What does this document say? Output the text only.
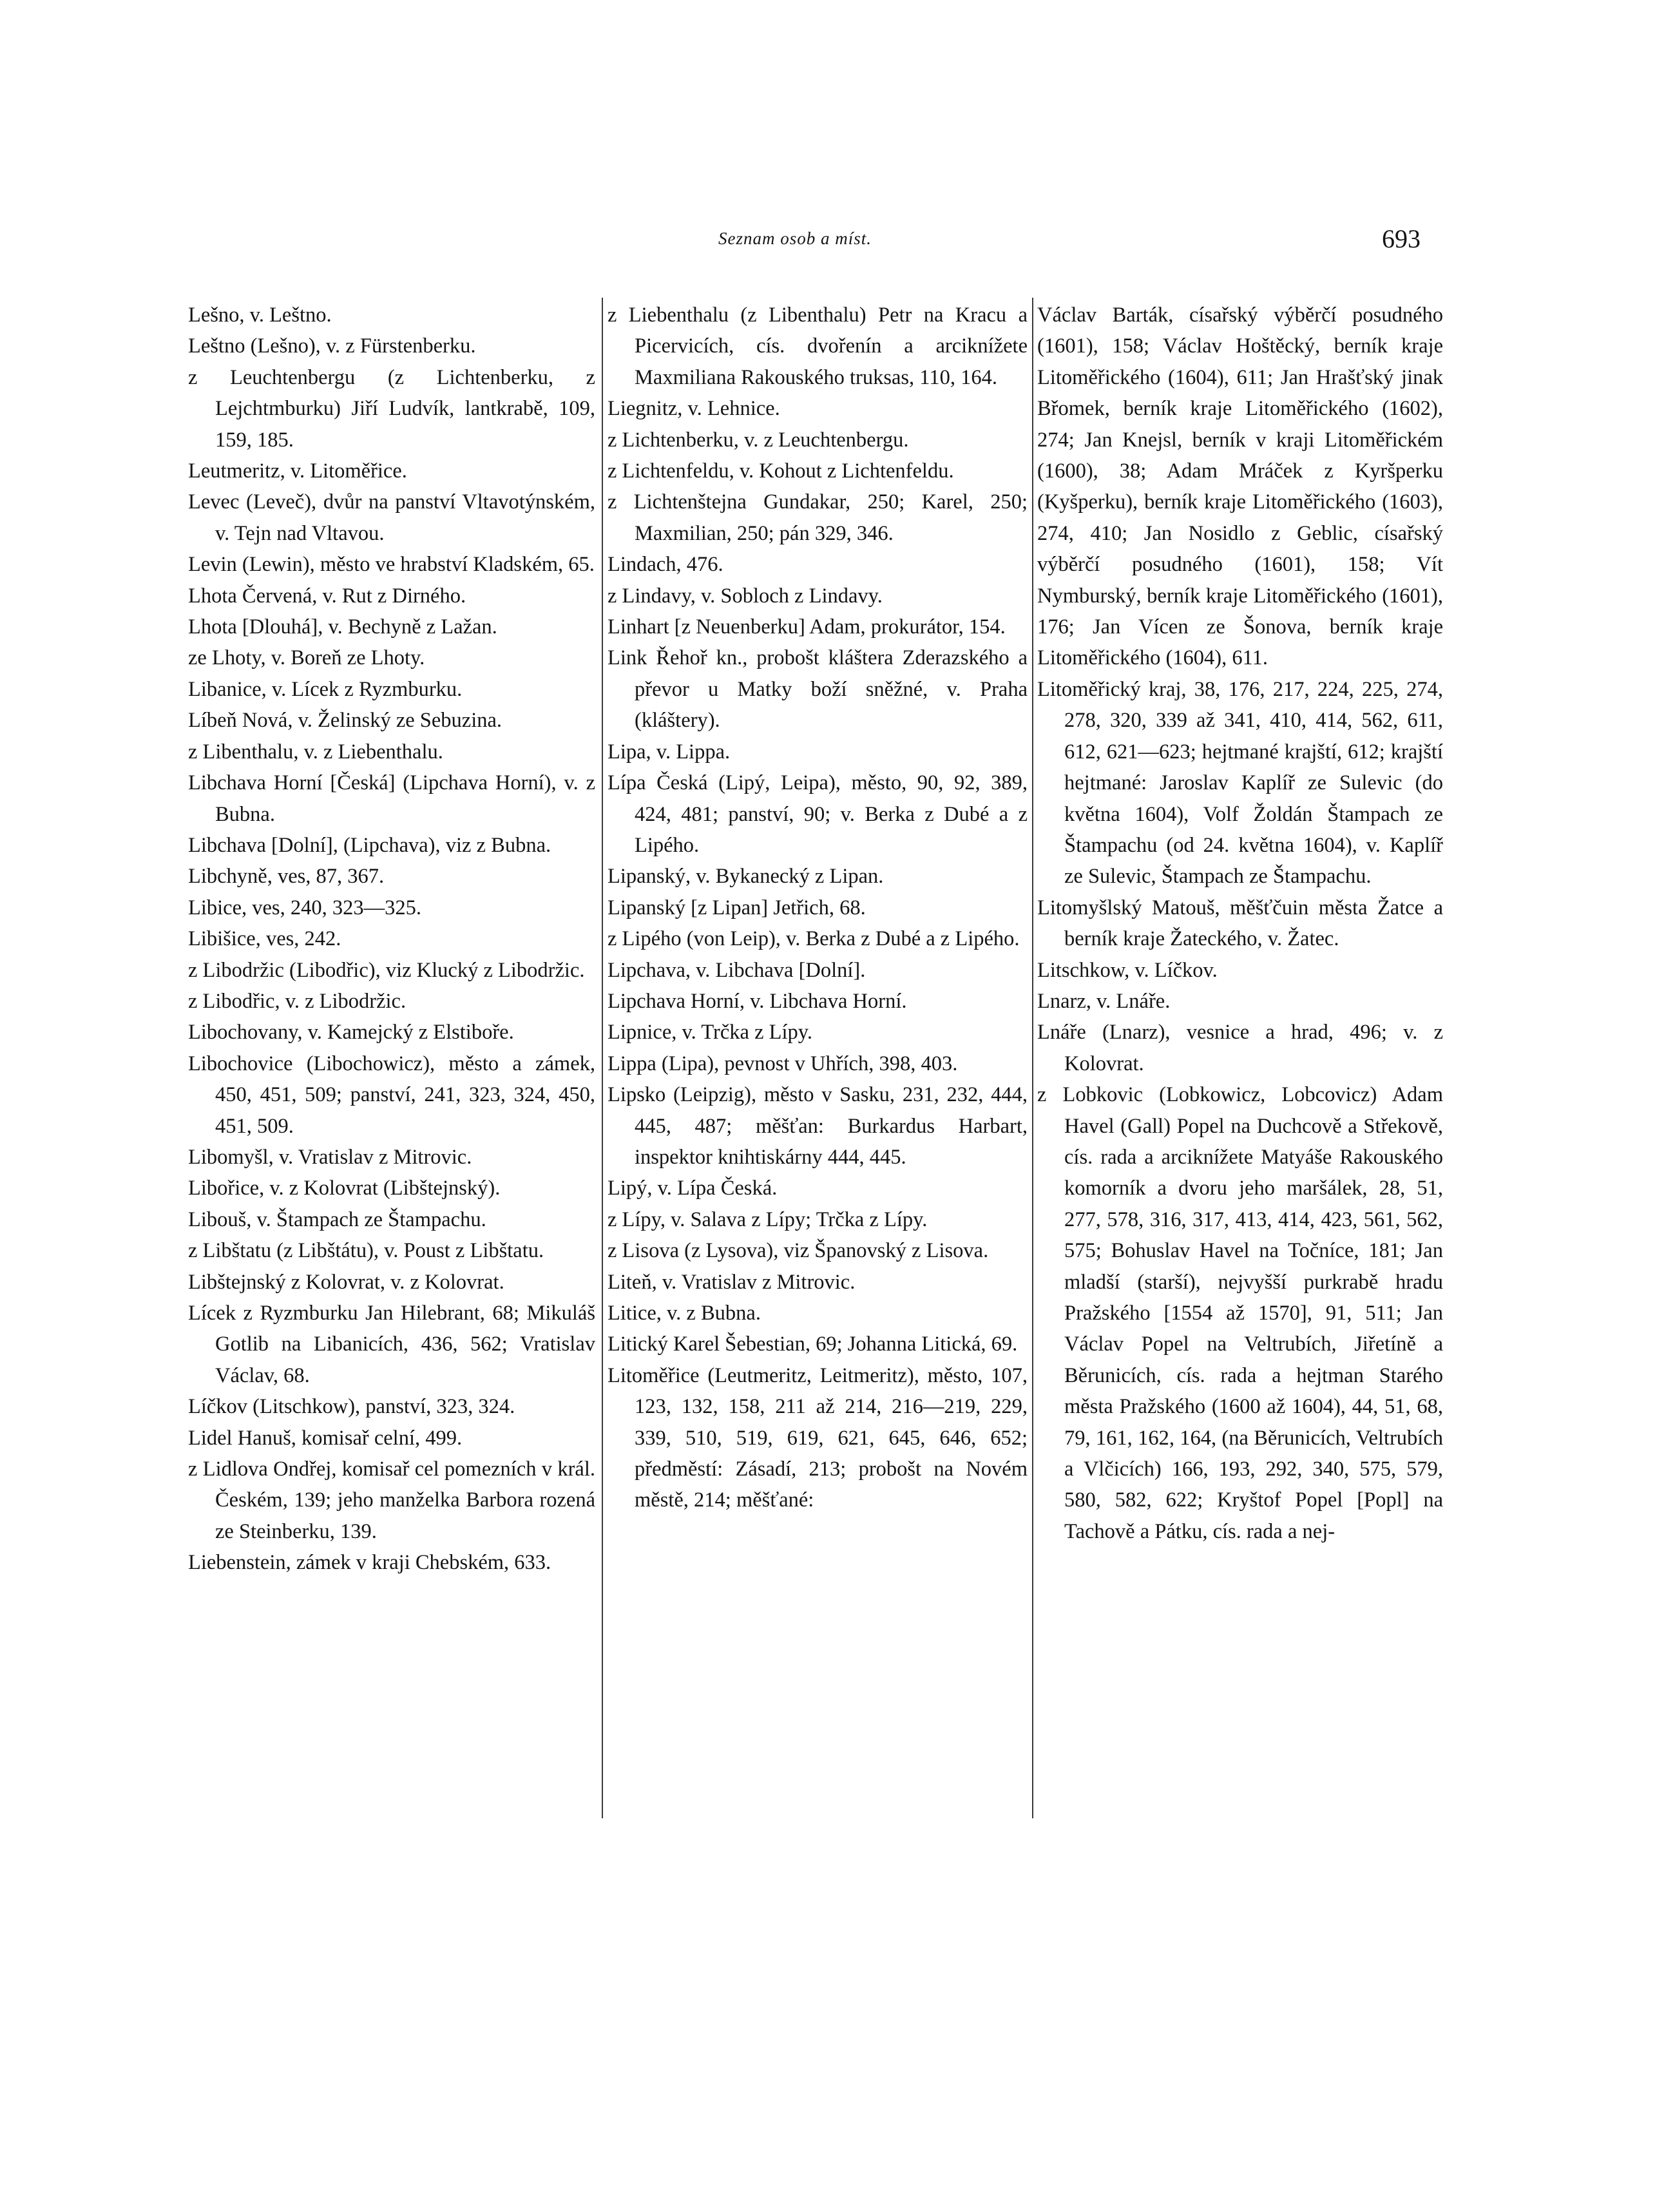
Seznam osob a míst.	693

Lešno, v. Leštno.

Leštno (Lešno), v. z Fürstenberku.

z Leuchtenbergu (z Lichtenberku, z Lejchtmburku) Jiří Ludvík, lantkrabě, 109, 159, 185.

Leutmeritz, v. Litoměřice.

Levec (Leveč), dvůr na panství Vltavotýnském, v. Tejn nad Vltavou.

Levin (Lewin), město ve hrabství Kladském, 65.

Lhota Červená, v. Rut z Dirného.

Lhota [Dlouhá], v. Bechyně z Lažan.

ze Lhoty, v. Boreň ze Lhoty.

Libanice, v. Lícek z Ryzmburku.

Líbeň Nová, v. Želinský ze Sebuzina.

z Libenthalu, v. z Liebenthalu.

Libchava Horní [Česká] (Lipchava Horní), v. z Bubna.

Libchava [Dolní], (Lipchava), viz z Bubna.

Libchyně, ves, 87, 367.

Libice, ves, 240, 323—325.

Libišice, ves, 242.

z Libodržic (Libodřic), viz Klucký z Libodržic.

z Libodřic, v. z Libodržic.

Libochovany, v. Kamejcký z Elstiboře.

Libochovice (Libochowicz), město a zámek, 450, 451, 509; panství, 241, 323, 324, 450, 451, 509.

Libomyšl, v. Vratislav z Mitrovic.

Libořice, v. z Kolovrat (Libštejnský).

Libouš, v. Štampach ze Štampachu.

z Libštatu (z Libštátu), v. Poust z Libštatu.

Libštejnský z Kolovrat, v. z Kolovrat.

Lícek z Ryzmburku Jan Hilebrant, 68; Mikuláš Gotlib na Libanicích, 436, 562; Vratislav Václav, 68.

Líčkov (Litschkow), panství, 323, 324.

Lidel Hanuš, komisař celní, 499.

z Lidlova Ondřej, komisař cel pomezních v král. Českém, 139; jeho manželka Barbora rozená ze Steinberku, 139.

Liebenstein, zámek v kraji Chebském, 633.

z Liebenthalu (z Libenthalu) Petr na Kracu a Picervicích, cís. dvořenín a arciknížete Maxmiliana Rakouského truksas, 110, 164.

Liegnitz, v. Lehnice.

z Lichtenberku, v. z Leuchtenbergu.

z Lichtenfeldu, v. Kohout z Lichtenfeldu.

z Lichtenštejna Gundakar, 250; Karel, 250; Maxmilian, 250; pán 329, 346.

Lindach, 476.

z Lindavy, v. Sobloch z Lindavy.

Linhart [z Neuenberku] Adam, prokurátor, 154.

Link Řehoř kn., probošt kláštera Zderazského a převor u Matky boží sněžné, v. Praha (kláštery).

Lipa, v. Lippa.

Lípa Česká (Lipý, Leipa), město, 90, 92, 389, 424, 481; panství, 90; v. Berka z Dubé a z Lipého.

Lipanský, v. Bykanecký z Lipan.

Lipanský [z Lipan] Jetřich, 68.

z Lipého (von Leip), v. Berka z Dubé a z Lipého.

Lipchava, v. Libchava [Dolní].

Lipchava Horní, v. Libchava Horní.

Lipnice, v. Trčka z Lípy.

Lippa (Lipa), pevnost v Uhřích, 398, 403.

Lipsko (Leipzig), město v Sasku, 231, 232, 444, 445, 487; měšťan: Burkardus Harbart, inspektor knihtiskárny 444, 445.

Lipý, v. Lípa Česká.

z Lípy, v. Salava z Lípy; Trčka z Lípy.

z Lisova (z Lysova), viz Španovský z Lisova.

Liteň, v. Vratislav z Mitrovic.

Litice, v. z Bubna.

Litický Karel Šebestian, 69; Johanna Litická, 69.

Litoměřice (Leutmeritz, Leitmeritz), město, 107, 123, 132, 158, 211 až 214, 216—219, 229, 339, 510, 519, 619, 621, 645, 646, 652; předměstí: Zásadí, 213; probošt na Novém městě, 214; měšťané:

Václav Barták, císařský výběrčí posudného (1601), 158; Václav Hoštěcký, berník kraje Litoměřického (1604), 611; Jan Hrašťský jinak Břomek, berník kraje Litoměřického (1602), 274; Jan Knejsl, berník v kraji Litoměřickém (1600), 38; Adam Mráček z Kyršperku (Kyšperku), berník kraje Litoměřického (1603), 274, 410; Jan Nosidlo z Geblic, císařský výběrčí posudného (1601), 158; Vít Nymburský, berník kraje Litoměřického (1601), 176; Jan Vícen ze Šonova, berník kraje Litoměřického (1604), 611.

Litoměřický kraj, 38, 176, 217, 224, 225, 274, 278, 320, 339 až 341, 410, 414, 562, 611, 612, 621—623; hejtmané krajští, 612; krajští hejtmané: Jaroslav Kaplíř ze Sulevic (do května 1604), Volf Žoldán Štampach ze Štampachu (od 24. května 1604), v. Kaplíř ze Sulevic, Štampach ze Štampachu.

Litomyšlský Matouš, měšťčuin města Žatce a berník kraje Žateckého, v. Žatec.

Litschkow, v. Líčkov.

Lnarz, v. Lnáře.

Lnáře (Lnarz), vesnice a hrad, 496; v. z Kolovrat.

z Lobkovic (Lobkowicz, Lobcovicz) Adam Havel (Gall) Popel na Duchcově a Střekově, cís. rada a arciknížete Matyáše Rakouského komorník a dvoru jeho maršálek, 28, 51, 277, 578, 316, 317, 413, 414, 423, 561, 562, 575; Bohuslav Havel na Točníce, 181; Jan mladší (starší), nejvyšší purkrabě hradu Pražského [1554 až 1570], 91, 511; Jan Václav Popel na Veltrubích, Jiřetíně a Běrunicích, cís. rada a hejtman Starého města Pražského (1600 až 1604), 44, 51, 68, 79, 161, 162, 164, (na Běrunicích, Veltrubích a Vlčicích) 166, 193, 292, 340, 575, 579, 580, 582, 622; Kryštof Popel [Popl] na Tachově a Pátku, cís. rada a nej-
